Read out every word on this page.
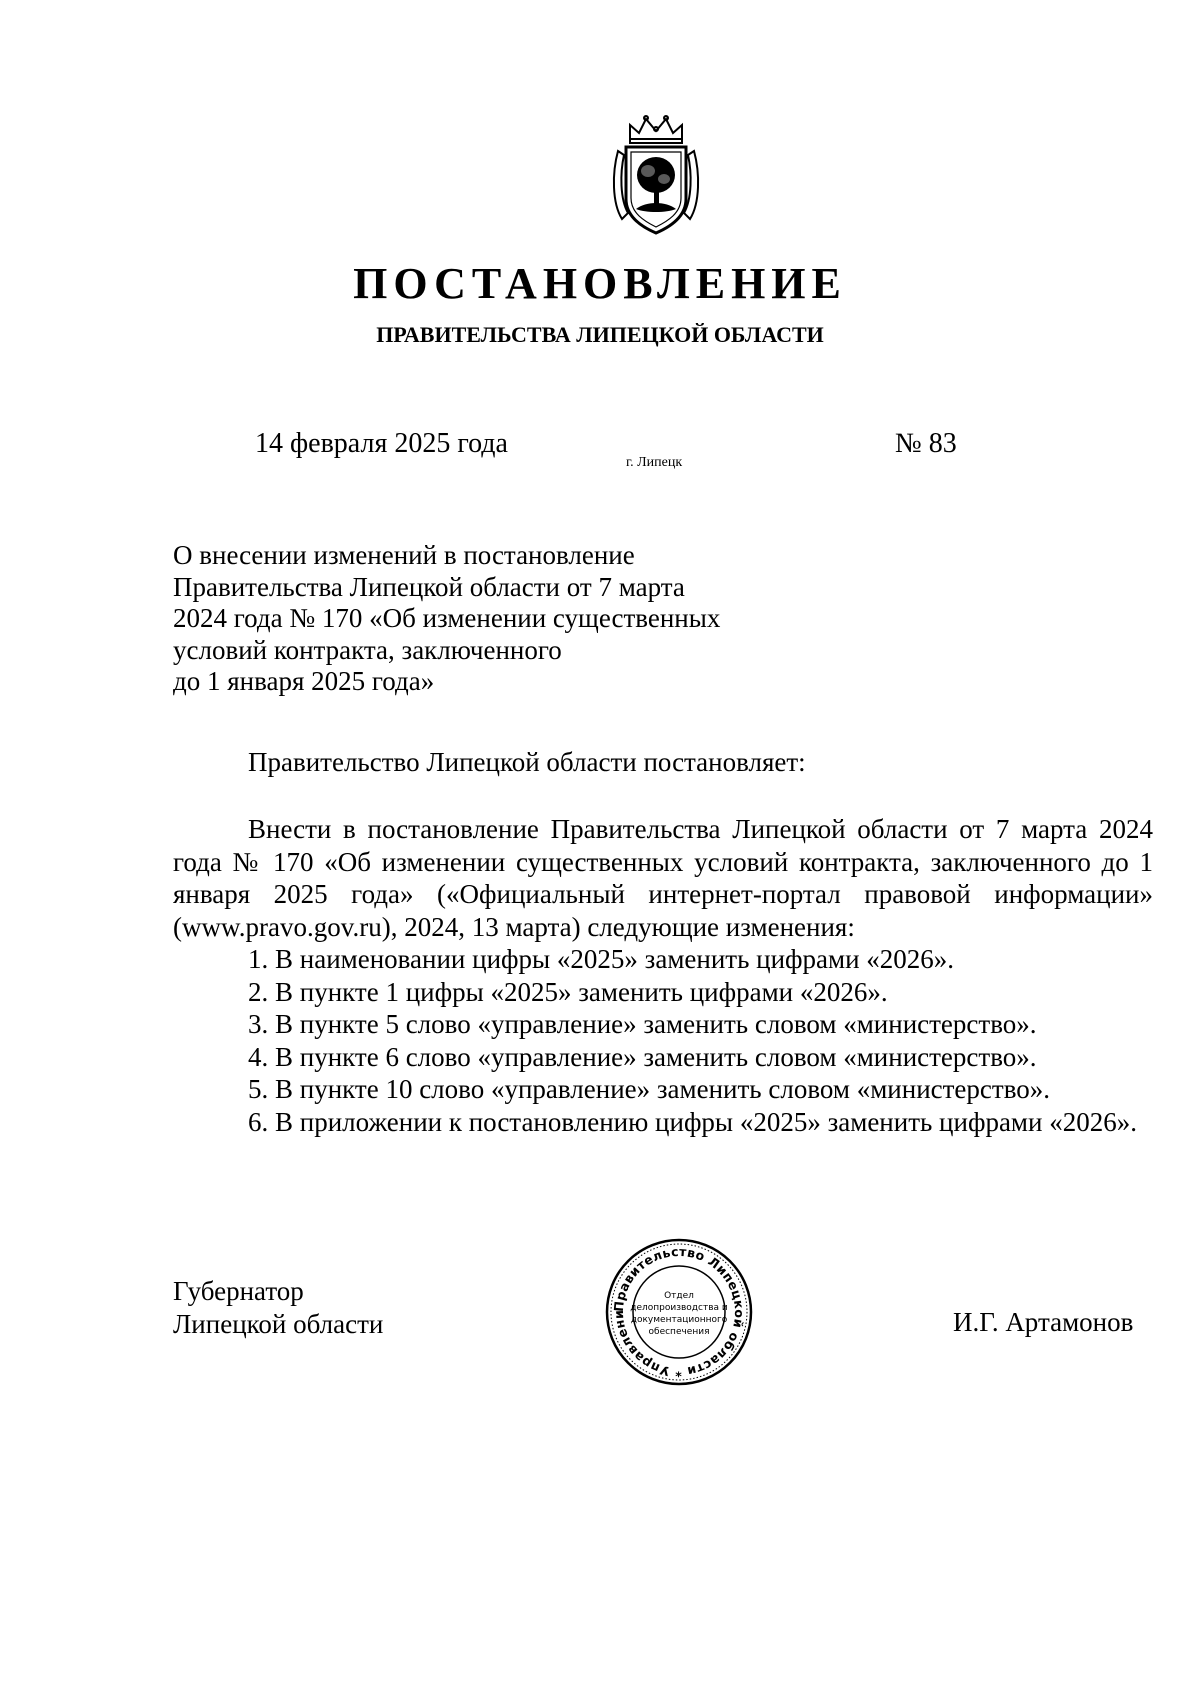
ПОСТАНОВЛЕНИЕ
ПРАВИТЕЛЬСТВА ЛИПЕЦКОЙ ОБЛАСТИ
14 февраля 2025 года
г. Липецк
№ 83
О внесении изменений в постановление
Правительства Липецкой области от 7 марта
2024 года № 170 «Об изменении существенных
условий контракта, заключенного
до 1 января 2025 года»
Правительство Липецкой области постановляет:

Внести в постановление Правительства Липецкой области от 7 марта 2024 года № 170 «Об изменении существенных условий контракта, заключенного до 1 января 2025 года» («Официальный интернет-портал правовой информации» (www.pravo.gov.ru), 2024, 13 марта) следующие изменения:

1. В наименовании цифры «2025» заменить цифрами «2026».

2. В пункте 1 цифры «2025» заменить цифрами «2026».

3. В пункте 5 слово «управление» заменить словом «министерство».

4. В пункте 6 слово «управление» заменить словом «министерство».

5. В пункте 10 слово «управление» заменить словом «министерство».

6. В приложении к постановлению цифры «2025» заменить цифрами «2026».

Губернатор
Липецкой области
Правительство Липецкой области * Управлени
Отдел
делопроизводства и
документационного
обеспечения	И.Г. Артамонов
